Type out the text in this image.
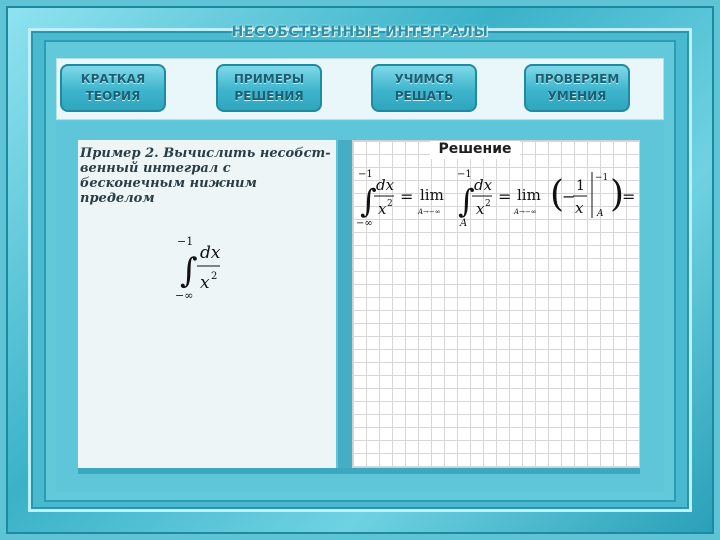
НЕСОБСТВЕННЫЕ ИНТЕГРАЛЫ
КРАТКАЯ
ТЕОРИЯ
ПРИМЕРЫ
РЕШЕНИЯ
УЧИМСЯ
РЕШАТЬ
ПРОВЕРЯЕМ
УМЕНИЯ
Пример 2. Вычислить несобст-венный интеграл с бесконечным нижним пределом
−1
∫
−∞
dx
x 2
Решение
−1
∫
−∞
dx
x 2 = lim
A→−∞
−1
∫
A
dx
x 2 = lim
A→−∞ (
−
1
x
−1
A )
=
